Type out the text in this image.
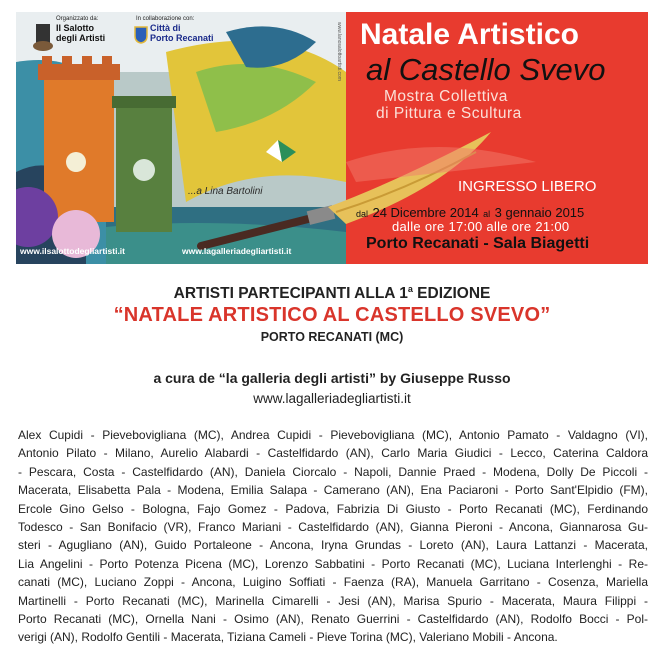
Organizzato da:
Il Salotto
degli Artisti
In collaborazione con:
Città di
Porto Recanati	www.lanosalottoartisti.com
...a Lina Bartolini
www.ilsalottodegliartisti.it	www.lagalleriadegliartisti.it
Natale Artistico
al Castello Svevo
Mostra Collettiva
di Pittura e Scultura
INGRESSO LIBERO
dal 24 Dicembre 2014 al 3 gennaio 2015
dalle ore 17:00 alle ore 21:00
Porto Recanati - Sala Biagetti
ARTISTI PARTECIPANTI ALLA 1$^a$ EDIZIONE
“NATALE ARTISTICO AL CASTELLO SVEVO”
PORTO RECANATI (MC)
a cura de “la galleria degli artisti” by Giuseppe Russo
www.lagalleriadegliartisti.it
Alex Cupidi - Pievebovigliana (MC), Andrea Cupidi - Pievebovigliana (MC), Antonio Pamato - Valdagno (VI),
Antonio Pilato - Milano, Aurelio Alabardi - Castelfidardo (AN), Carlo Maria Giudici - Lecco, Caterina Caldora
- Pescara, Costa - Castelfidardo (AN), Daniela Ciorcalo - Napoli, Dannie Praed - Modena, Dolly De Piccoli -
Macerata, Elisabetta Pala - Modena, Emilia Salapa - Camerano (AN), Ena Paciaroni - Porto Sant'Elpidio (FM),
Ercole Gino Gelso - Bologna, Fajo Gomez - Padova, Fabrizia Di Giusto - Porto Recanati (MC), Ferdinando
Todesco - San Bonifacio (VR), Franco Mariani - Castelfidardo (AN), Gianna Pieroni - Ancona, Giannarosa Gu-
steri - Agugliano (AN), Guido Portaleone - Ancona, Iryna Grundas - Loreto (AN), Laura Lattanzi - Macerata,
Lia Angelini - Porto Potenza Picena (MC), Lorenzo Sabbatini - Porto Recanati (MC), Luciana Interlenghi - Re-
canati (MC), Luciano Zoppi - Ancona, Luigino Soffiati - Faenza (RA), Manuela Garritano - Cosenza, Mariella
Martinelli - Porto Recanati (MC), Marinella Cimarelli - Jesi (AN), Marisa Spurio - Macerata, Maura Filippi -
Porto Recanati (MC), Ornella Nani - Osimo (AN), Renato Guerrini - Castelfidardo (AN), Rodolfo Bocci - Pol-
verigi (AN), Rodolfo Gentili - Macerata, Tiziana Cameli - Pieve Torina (MC), Valeriano Mobili - Ancona.
